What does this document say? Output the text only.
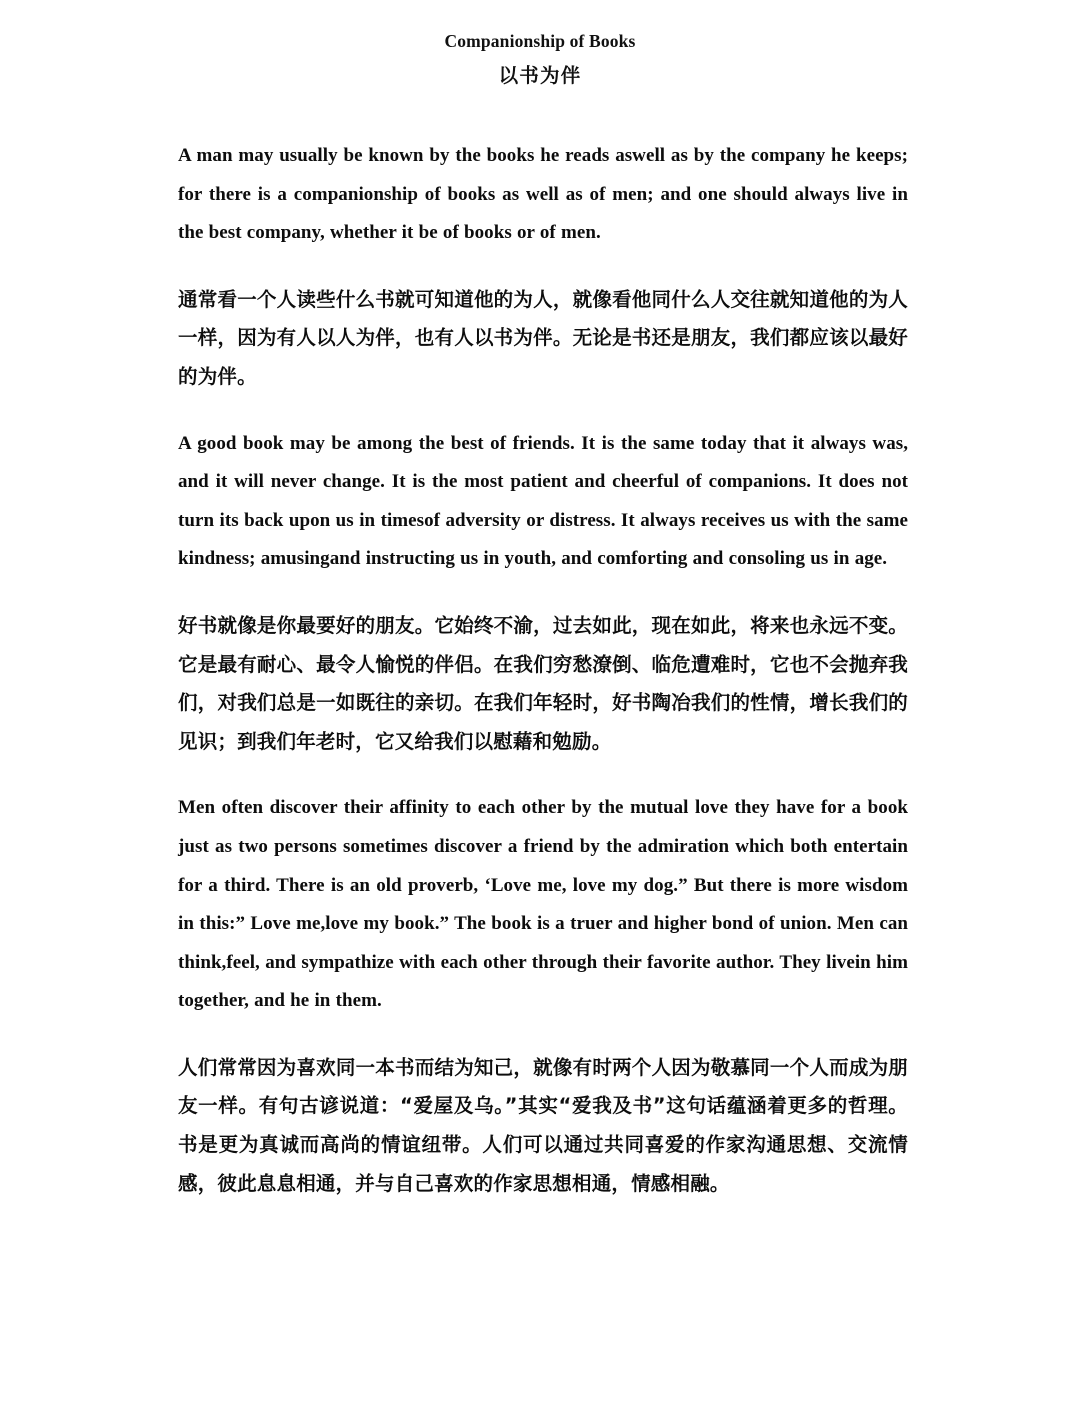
Companionship of Books
以书为伴

A man may usually be known by the books he reads aswell as by the company he keeps; for there is a companionship of books as well as of men; and one should always live in the best company, whether it be of books or of men.

通常看一个人读些什么书就可知道他的为人，就像看他同什么人交往就知道他的为人一样，因为有人以人为伴，也有人以书为伴。无论是书还是朋友，我们都应该以最好的为伴。

A good book may be among the best of friends. It is the same today that it always was, and it will never change. It is the most patient and cheerful of companions. It does not turn its back upon us in timesof adversity or distress. It always receives us with the same kindness; amusingand instructing us in youth, and comforting and consoling us in age.

好书就像是你最要好的朋友。它始终不渝，过去如此，现在如此，将来也永远不变。它是最有耐心、最令人愉悦的伴侣。在我们穷愁潦倒、临危遭难时，它也不会抛弃我们，对我们总是一如既往的亲切。在我们年轻时，好书陶冶我们的性情，增长我们的见识；到我们年老时，它又给我们以慰藉和勉励。

Men often discover their affinity to each other by the mutual love they have for a book just as two persons sometimes discover a friend by the admiration which both entertain for a third. There is an old proverb, ‘Love me, love my dog.” But there is more wisdom in this:” Love me,love my book.” The book is a truer and higher bond of union. Men can think,feel, and sympathize with each other through their favorite author. They livein him together, and he in them.

人们常常因为喜欢同一本书而结为知己，就像有时两个人因为敬慕同一个人而成为朋友一样。有句古谚说道：“爱屋及乌。”其实“爱我及书”这句话蕴涵着更多的哲理。书是更为真诚而高尚的情谊纽带。人们可以通过共同喜爱的作家沟通思想、交流情感，彼此息息相通，并与自己喜欢的作家思想相通，情感相融。
